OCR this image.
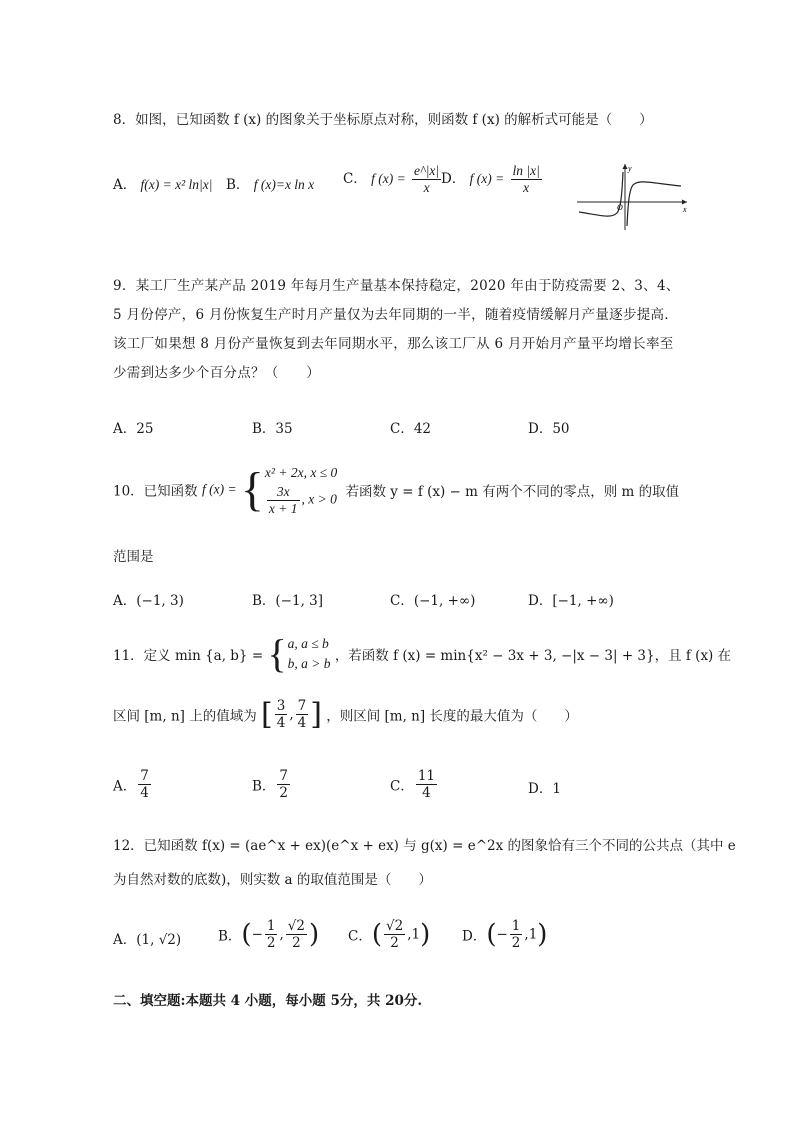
8．如图，已知函数 f (x) 的图象关于坐标原点对称，则函数 f (x) 的解析式可能是（　　）
A． f(x) = x² ln|x| B． f (x)=x ln x C． f $(x) = \frac{e\^{}|x|}{x}$ D． f $(x) = \frac{\ln |x|}{x}$	y
x
O
9．某工厂生产某产品 2019 年每月生产量基本保持稳定，2020 年由于防疫需要 2、3、4、5 月份停产，6 月份恢复生产时月产量仅为去年同期的一半，随着疫情缓解月产量逐步提高．该工厂如果想 8 月份产量恢复到去年同期水平，那么该工厂从 6 月开始月产量平均增长率至少需到达多少个百分点？（　　）
A．25	B．35	C．42	D．50
10．已知函数 f (x) = { x² + 2x, x ≤ 0
$\frac{3x}{x + 1}$ , x > 0 若函数 y = f (x) − m 有两个不同的零点，则 m 的取值
范围是
A．(−1, 3)	B．(−1, 3]	C．(−1, +∞)	D．[−1, +∞)
11．定义 min {a, b} = { a, a ≤ b
b, a > b ，若函数 f (x) = min{x² − 3x + 3, −|x − 3| + 3}，且 f (x) 在
区间 [m, n] 上的值域为 [ $\frac{3}{4}$ , $\frac{7}{4}$ ] ，则区间 [m, n] 长度的最大值为（　　）
A． $\frac{7}{4}$	B． $\frac{7}{2}$	C． $\frac{11}{4}$	D．1
12．已知函数 f(x) = (ae^x + ex)(e^x + ex) 与 g(x) = e^2x 的图象恰有三个不同的公共点（其中 e
为自然对数的底数)，则实数 a 的取值范围是（　　）
A．(1, √2)	B．(− $\frac{1}{2}$ , $\frac{√2}{2}$ ) C．( $\frac{√2}{2} ,1$) D．(− $\frac{1}{2} ,1$)
二、填空题:本题共 4 小题，每小题 5分，共 20分.
